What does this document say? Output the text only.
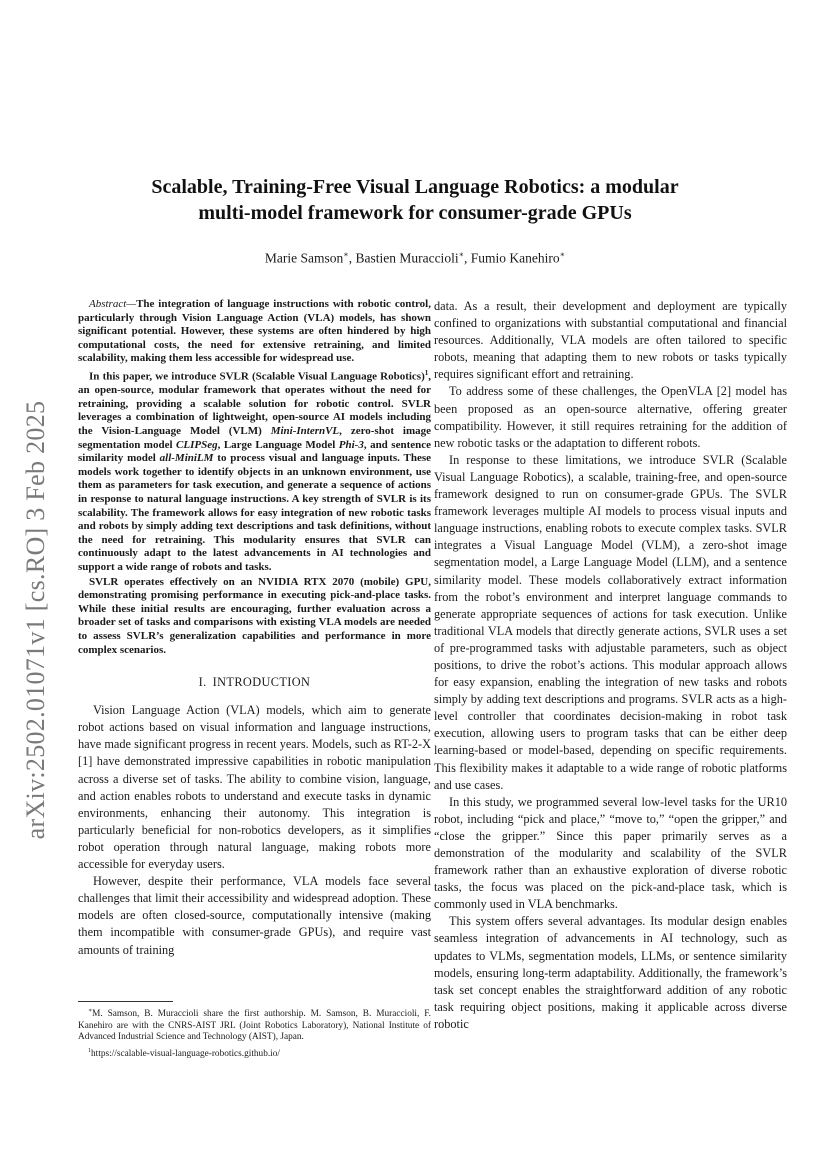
arXiv:2502.01071v1 [cs.RO] 3 Feb 2025
Scalable, Training-Free Visual Language Robotics: a modular
multi-model framework for consumer-grade GPUs
Marie Samson∗, Bastien Muraccioli∗, Fumio Kanehiro∗

Abstract—The integration of language instructions with robotic control, particularly through Vision Language Action (VLA) models, has shown significant potential. However, these systems are often hindered by high computational costs, the need for extensive retraining, and limited scalability, making them less accessible for widespread use.

In this paper, we introduce SVLR (Scalable Visual Language Robotics)$^1$, an open-source, modular framework that operates without the need for retraining, providing a scalable solution for robotic control. SVLR leverages a combination of lightweight, open-source AI models including the Vision-Language Model (VLM) Mini-InternVL, zero-shot image segmentation model CLIPSeg, Large Language Model Phi-3, and sentence similarity model all-MiniLM to process visual and language inputs. These models work together to identify objects in an unknown environment, use them as parameters for task execution, and generate a sequence of actions in response to natural language instructions. A key strength of SVLR is its scalability. The framework allows for easy integration of new robotic tasks and robots by simply adding text descriptions and task definitions, without the need for retraining. This modularity ensures that SVLR can continuously adapt to the latest advancements in AI technologies and support a wide range of robots and tasks.

SVLR operates effectively on an NVIDIA RTX 2070 (mobile) GPU, demonstrating promising performance in executing pick-and-place tasks. While these initial results are encouraging, further evaluation across a broader set of tasks and comparisons with existing VLA models are needed to assess SVLR’s generalization capabilities and performance in more complex scenarios.

I. INTRODUCTION

Vision Language Action (VLA) models, which aim to generate robot actions based on visual information and language instructions, have made significant progress in recent years. Models, such as RT-2-X [1] have demonstrated impressive capabilities in robotic manipulation across a diverse set of tasks. The ability to combine vision, language, and action enables robots to understand and execute tasks in dynamic environments, enhancing their autonomy. This integration is particularly beneficial for non-robotics developers, as it simplifies robot operation through natural language, making robots more accessible for everyday users.

However, despite their performance, VLA models face several challenges that limit their accessibility and widespread adoption. These models are often closed-source, computationally intensive (making them incompatible with consumer-grade GPUs), and require vast amounts of training

∗M. Samson, B. Muraccioli share the first authorship. M. Samson, B. Muraccioli, F. Kanehiro are with the CNRS-AIST JRL (Joint Robotics Laboratory), National Institute of Advanced Industrial Science and Technology (AIST), Japan.

$^1$https://scalable-visual-language-robotics.github.io/

data. As a result, their development and deployment are typically confined to organizations with substantial computational and financial resources. Additionally, VLA models are often tailored to specific robots, meaning that adapting them to new robots or tasks typically requires significant effort and retraining.

To address some of these challenges, the OpenVLA [2] model has been proposed as an open-source alternative, offering greater compatibility. However, it still requires retraining for the addition of new robotic tasks or the adaptation to different robots.

In response to these limitations, we introduce SVLR (Scalable Visual Language Robotics), a scalable, training-free, and open-source framework designed to run on consumer-grade GPUs. The SVLR framework leverages multiple AI models to process visual inputs and language instructions, enabling robots to execute complex tasks. SVLR integrates a Visual Language Model (VLM), a zero-shot image segmentation model, a Large Language Model (LLM), and a sentence similarity model. These models collaboratively extract information from the robot’s environment and interpret language commands to generate appropriate sequences of actions for task execution. Unlike traditional VLA models that directly generate actions, SVLR uses a set of pre-programmed tasks with adjustable parameters, such as object positions, to drive the robot’s actions. This modular approach allows for easy expansion, enabling the integration of new tasks and robots simply by adding text descriptions and programs. SVLR acts as a high-level controller that coordinates decision-making in robot task execution, allowing users to program tasks that can be either deep learning-based or model-based, depending on specific requirements. This flexibility makes it adaptable to a wide range of robotic platforms and use cases.

In this study, we programmed several low-level tasks for the UR10 robot, including “pick and place,” “move to,” “open the gripper,” and “close the gripper.” Since this paper primarily serves as a demonstration of the modularity and scalability of the SVLR framework rather than an exhaustive exploration of diverse robotic tasks, the focus was placed on the pick-and-place task, which is commonly used in VLA benchmarks.

This system offers several advantages. Its modular design enables seamless integration of advancements in AI technology, such as updates to VLMs, segmentation models, LLMs, or sentence similarity models, ensuring long-term adaptability. Additionally, the framework’s task set concept enables the straightforward addition of any robotic task requiring object positions, making it applicable across diverse robotic
